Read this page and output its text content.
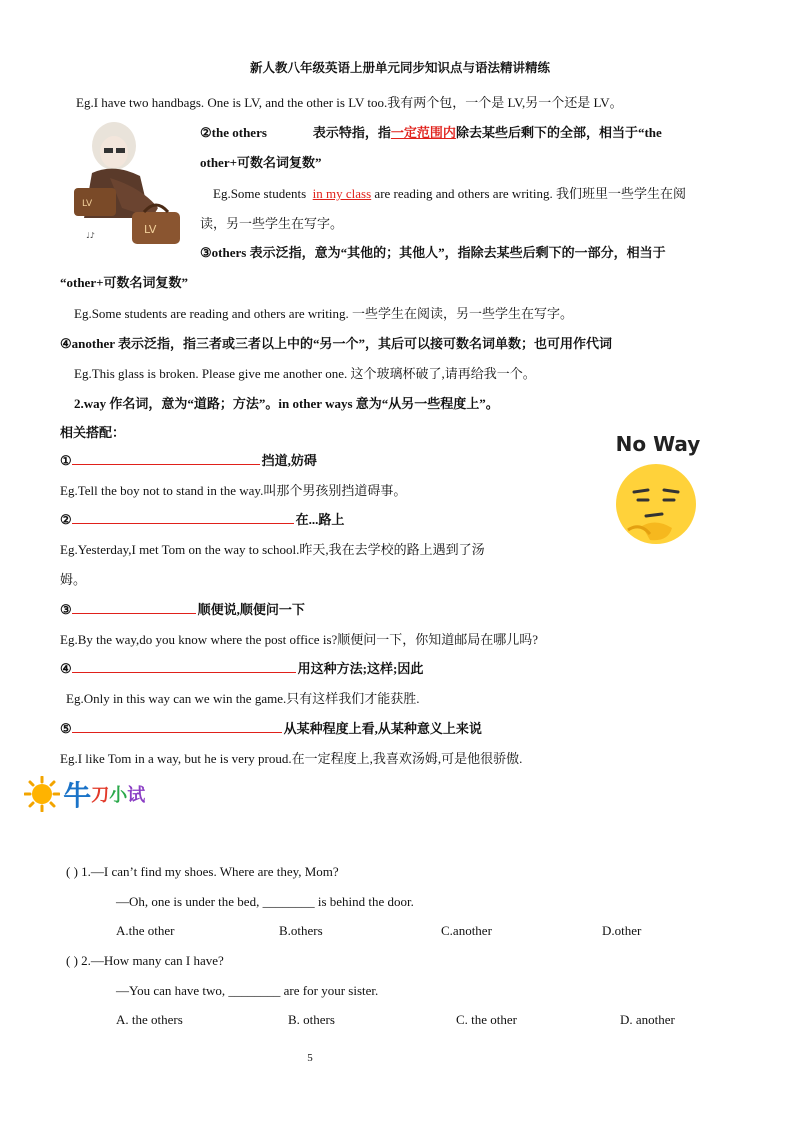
新人教八年级英语上册单元同步知识点与语法精讲精练
Eg.I have two handbags. One is LV, and the other is LV too.我有两个包，一个是 LV,另一个还是 LV。
LV
LV
♩♪
②the others	表示特指，指一定范围内除去某些后剩下的全部，相当于“the
other+可数名词复数”
Eg.Some students in my class are reading and others are writing. 我们班里一些学生在阅
读，另一些学生在写字。
③others 表示泛指，意为“其他的；其他人”，指除去某些后剩下的一部分，相当于
“other+可数名词复数”
Eg.Some students are reading and others are writing. 一些学生在阅读，另一些学生在写字。
④another 表示泛指，指三者或三者以上中的“另一个”，其后可以接可数名词单数；也可用作代词
Eg.This glass is broken. Please give me another one. 这个玻璃杯破了,请再给我一个。
2.way 作名词，意为“道路；方法”。in other ways 意为“从另一些程度上”。
相关搭配：	No Way
①	挡道,妨碍
Eg.Tell the boy not to stand in the way.叫那个男孩别挡道碍事。
②	在...路上
Eg.Yesterday,I met Tom on the way to school.昨天,我在去学校的路上遇到了汤
姆。
③	顺便说,顺便问一下
Eg.By the way,do you know where the post office is?顺便问一下，你知道邮局在哪儿吗?
④	用这种方法;这样;因此
Eg.Only in this way can we win the game.只有这样我们才能获胜.
⑤	从某种程度上看,从某种意义上来说
Eg.I like Tom in a way, but he is very proud.在一定程度上,我喜欢汤姆,可是他很骄傲.
牛刀小试
( ) 1.—I can’t find my shoes. Where are they, Mom?
—Oh, one is under the bed, ________ is behind the door.
A.the other	B.others	C.another	D.other
( ) 2.—How many can I have?
—You can have two, ________ are for your sister.
A. the others	B. others	C. the other	D. another
5
